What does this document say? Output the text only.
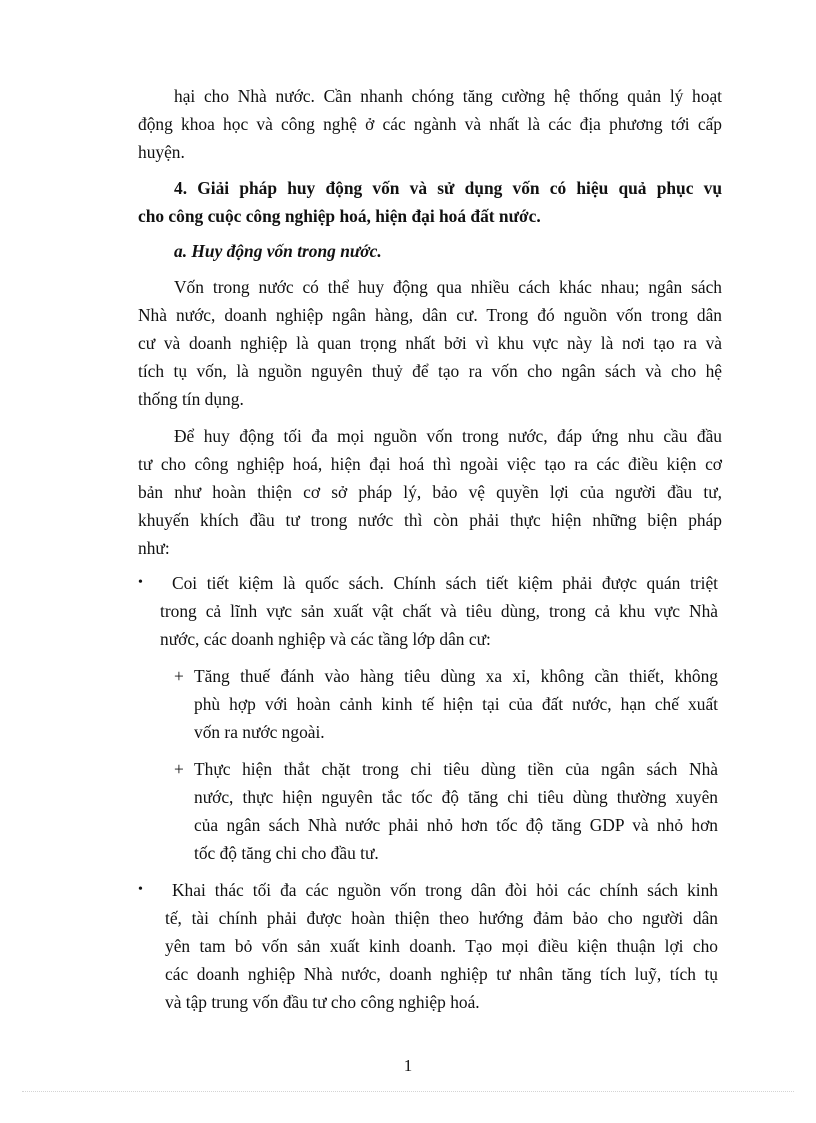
hại cho Nhà nước. Cần nhanh chóng tăng cường hệ thống quản lý hoạt
động khoa học và công nghệ ở các ngành và nhất là các địa phương tới cấp
huyện.
4. Giải pháp huy động vốn và sử dụng vốn có hiệu quả phục vụ
cho công cuộc công nghiệp hoá, hiện đại hoá đất nước.
a. Huy động vốn trong nước.
Vốn trong nước có thể huy động qua nhiều cách khác nhau; ngân sách
Nhà nước, doanh nghiệp ngân hàng, dân cư. Trong đó nguồn vốn trong dân
cư và doanh nghiệp là quan trọng nhất bởi vì khu vực này là nơi tạo ra và
tích tụ vốn, là nguồn nguyên thuỷ để tạo ra vốn cho ngân sách và cho hệ
thống tín dụng.
Để huy động tối đa mọi nguồn vốn trong nước, đáp ứng nhu cầu đầu
tư cho công nghiệp hoá, hiện đại hoá thì ngoài việc tạo ra các điều kiện cơ
bản như hoàn thiện cơ sở pháp lý, bảo vệ quyền lợi của người đầu tư,
khuyến khích đầu tư trong nước thì còn phải thực hiện những biện pháp
như:
• Coi tiết kiệm là quốc sách. Chính sách tiết kiệm phải được quán triệt
trong cả lĩnh vực sản xuất vật chất và tiêu dùng, trong cả khu vực Nhà
nước, các doanh nghiệp và các tầng lớp dân cư:
+ Tăng thuế đánh vào hàng tiêu dùng xa xỉ, không cần thiết, không
phù hợp với hoàn cảnh kinh tế hiện tại của đất nước, hạn chế xuất
vốn ra nước ngoài.
+ Thực hiện thắt chặt trong chi tiêu dùng tiền của ngân sách Nhà
nước, thực hiện nguyên tắc tốc độ tăng chi tiêu dùng thường xuyên
của ngân sách Nhà nước phải nhỏ hơn tốc độ tăng GDP và nhỏ hơn
tốc độ tăng chi cho đầu tư.
• Khai thác tối đa các nguồn vốn trong dân đòi hỏi các chính sách kinh
tế, tài chính phải được hoàn thiện theo hướng đảm bảo cho người dân
yên tam bỏ vốn sản xuất kinh doanh. Tạo mọi điều kiện thuận lợi cho
các doanh nghiệp Nhà nước, doanh nghiệp tư nhân tăng tích luỹ, tích tụ
và tập trung vốn đầu tư cho công nghiệp hoá.
1
